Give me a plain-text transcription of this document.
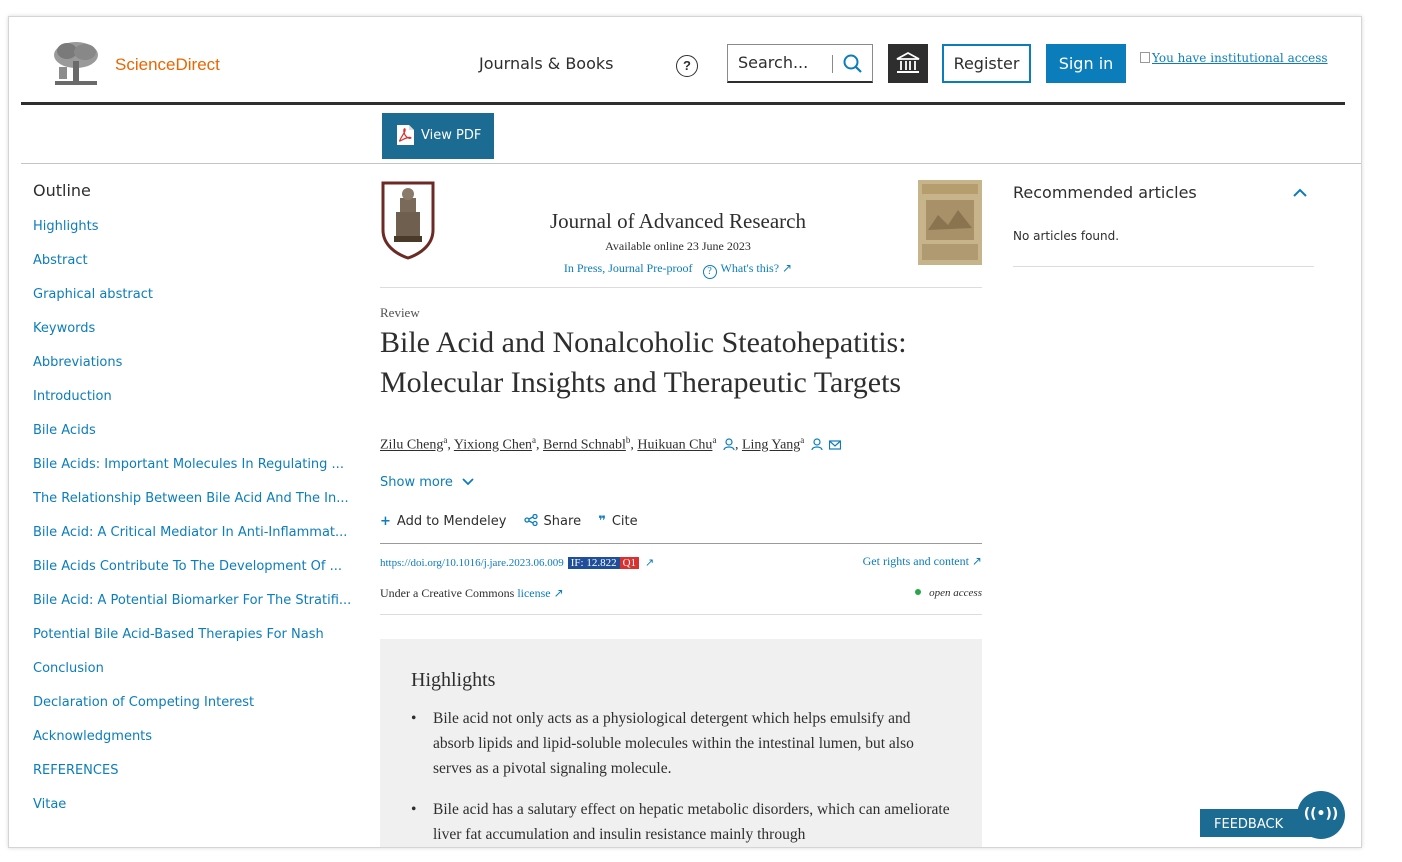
ScienceDirect	Journals & Books	?
Search...	Register	Sign in	You have institutional access
View PDF
Outline
Highlights
Abstract
Graphical abstract
Keywords
Abbreviations
Introduction
Bile Acids
Bile Acids: Important Molecules In Regulating ...
The Relationship Between Bile Acid And The In...
Bile Acid: A Critical Mediator In Anti-Inflammat...
Bile Acids Contribute To The Development Of ...
Bile Acid: A Potential Biomarker For The Stratifi...
Potential Bile Acid-Based Therapies For Nash
Conclusion
Declaration of Competing Interest
Acknowledgments
REFERENCES
Vitae
Journal of Advanced Research
Available online 23 June 2023
In Press, Journal Pre-proof ? What's this? ↗
Review
Bile Acid and Nonalcoholic Steatohepatitis: Molecular Insights and Therapeutic Targets
Zilu Cheng$^a$, Yixiong Chen$^a$, Bernd Schnabl$^b$, Huikuan Chu$^a$ , Ling Yang$^a$
Show more
+ Add to Mendeley	Share ❞ Cite
https://doi.org/10.1016/j.jare.2023.06.009 IF: 12.822 Q1 ↗	Get rights and content ↗
Under a Creative Commons license ↗	open access
Highlights
• Bile acid not only acts as a physiological detergent which helps emulsify and absorb lipids and lipid-soluble molecules within the intestinal lumen, but also serves as a pivotal signaling molecule.
• Bile acid has a salutary effect on hepatic metabolic disorders, which can ameliorate liver fat accumulation and insulin resistance mainly through
Recommended articles
No articles found.
FEEDBACK
((•))
